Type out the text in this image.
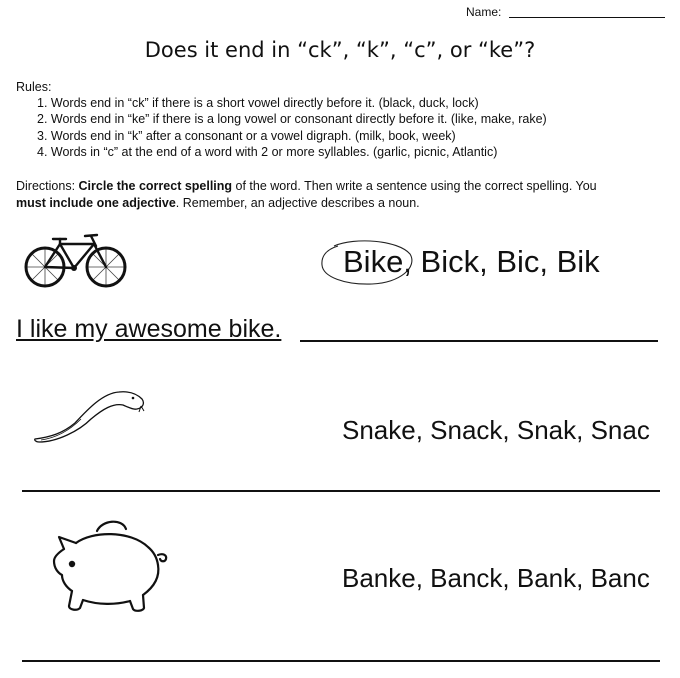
Name:
Does it end in “ck”, “k”, “c”, or “ke”?
Rules:
1. Words end in “ck” if there is a short vowel directly before it. (black, duck, lock)
2. Words end in “ke” if there is a long vowel or consonant directly before it. (like, make, rake)
3. Words end in “k” after a consonant or a vowel digraph. (milk, book, week)
4. Words in “c” at the end of a word with 2 or more syllables. (garlic, picnic, Atlantic)
Directions: Circle the correct spelling of the word. Then write a sentence using the correct spelling. You
must include one adjective. Remember, an adjective describes a noun.
Bike, Bick, Bic, Bik
I like my awesome bike.
Snake, Snack, Snak, Snac
Banke, Banck, Bank, Banc
